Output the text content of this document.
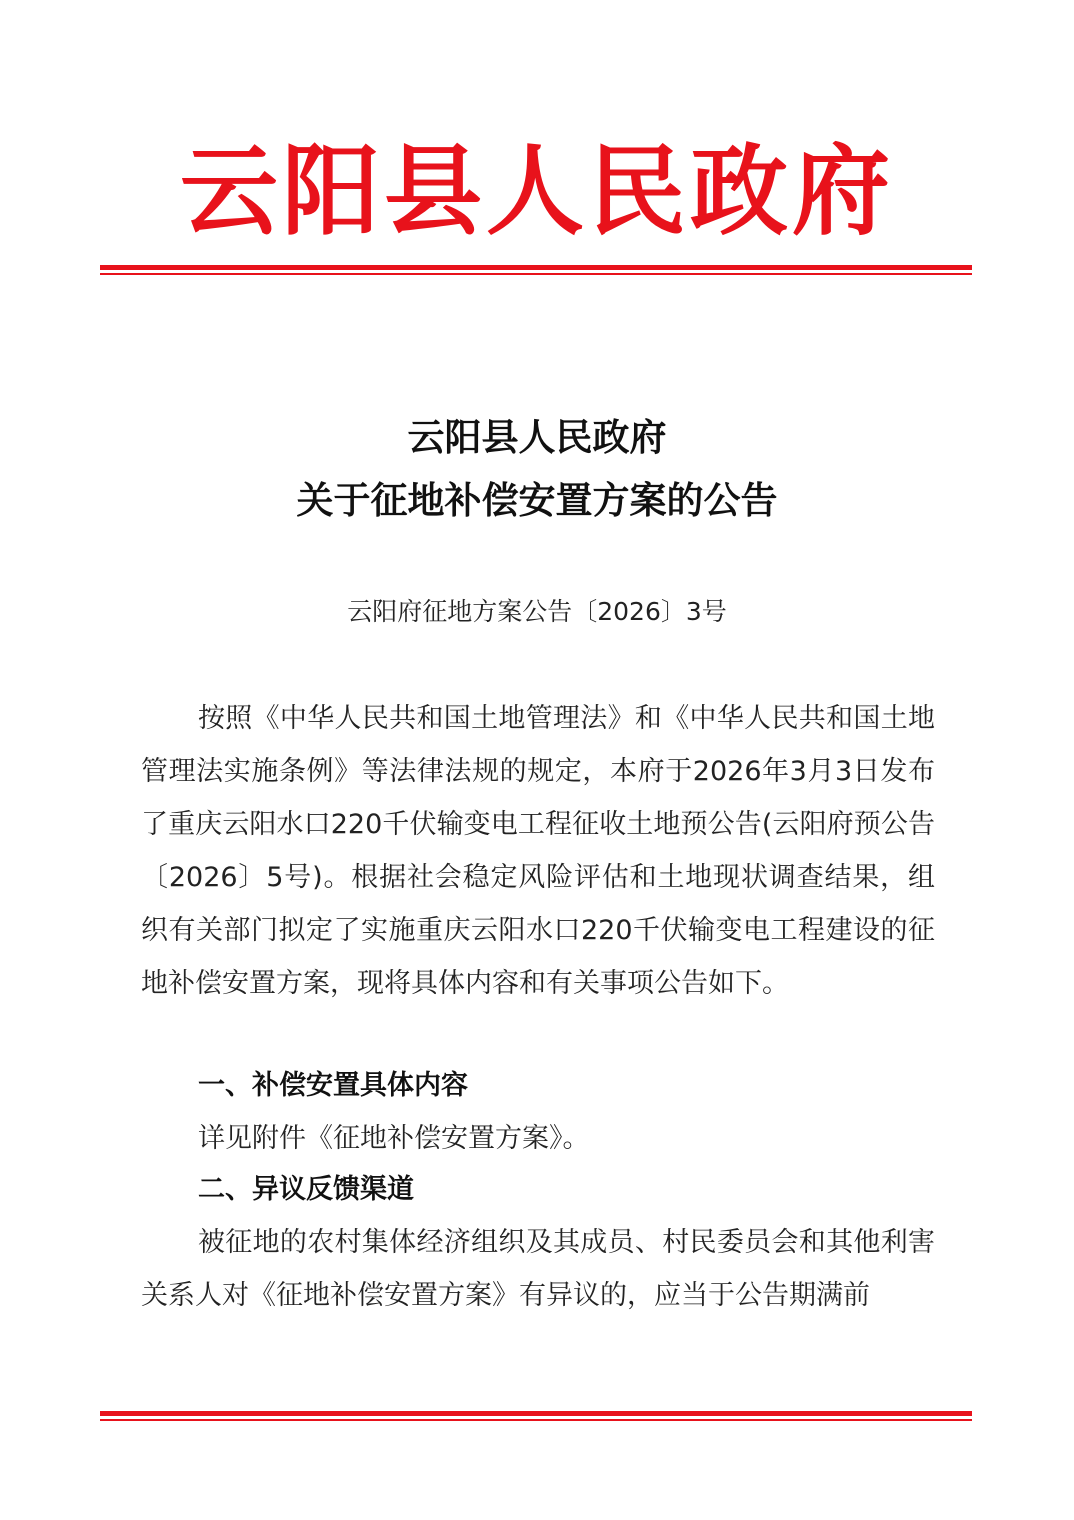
云阳县人民政府
云阳县人民政府
关于征地补偿安置方案的公告
云阳府征地方案公告〔2026〕3号

按照《中华人民共和国土地管理法》和《中华人民共和国土地管理法实施条例》等法律法规的规定，本府于2026年3月3日发布了重庆云阳水口220千伏输变电工程征收土地预公告(云阳府预公告〔2026〕5号)。根据社会稳定风险评估和土地现状调查结果，组织有关部门拟定了实施重庆云阳水口220千伏输变电工程建设的征地补偿安置方案，现将具体内容和有关事项公告如下。

一、补偿安置具体内容

详见附件《征地补偿安置方案》。

二、异议反馈渠道

被征地的农村集体经济组织及其成员、村民委员会和其他利害关系人对《征地补偿安置方案》有异议的，应当于公告期满前
